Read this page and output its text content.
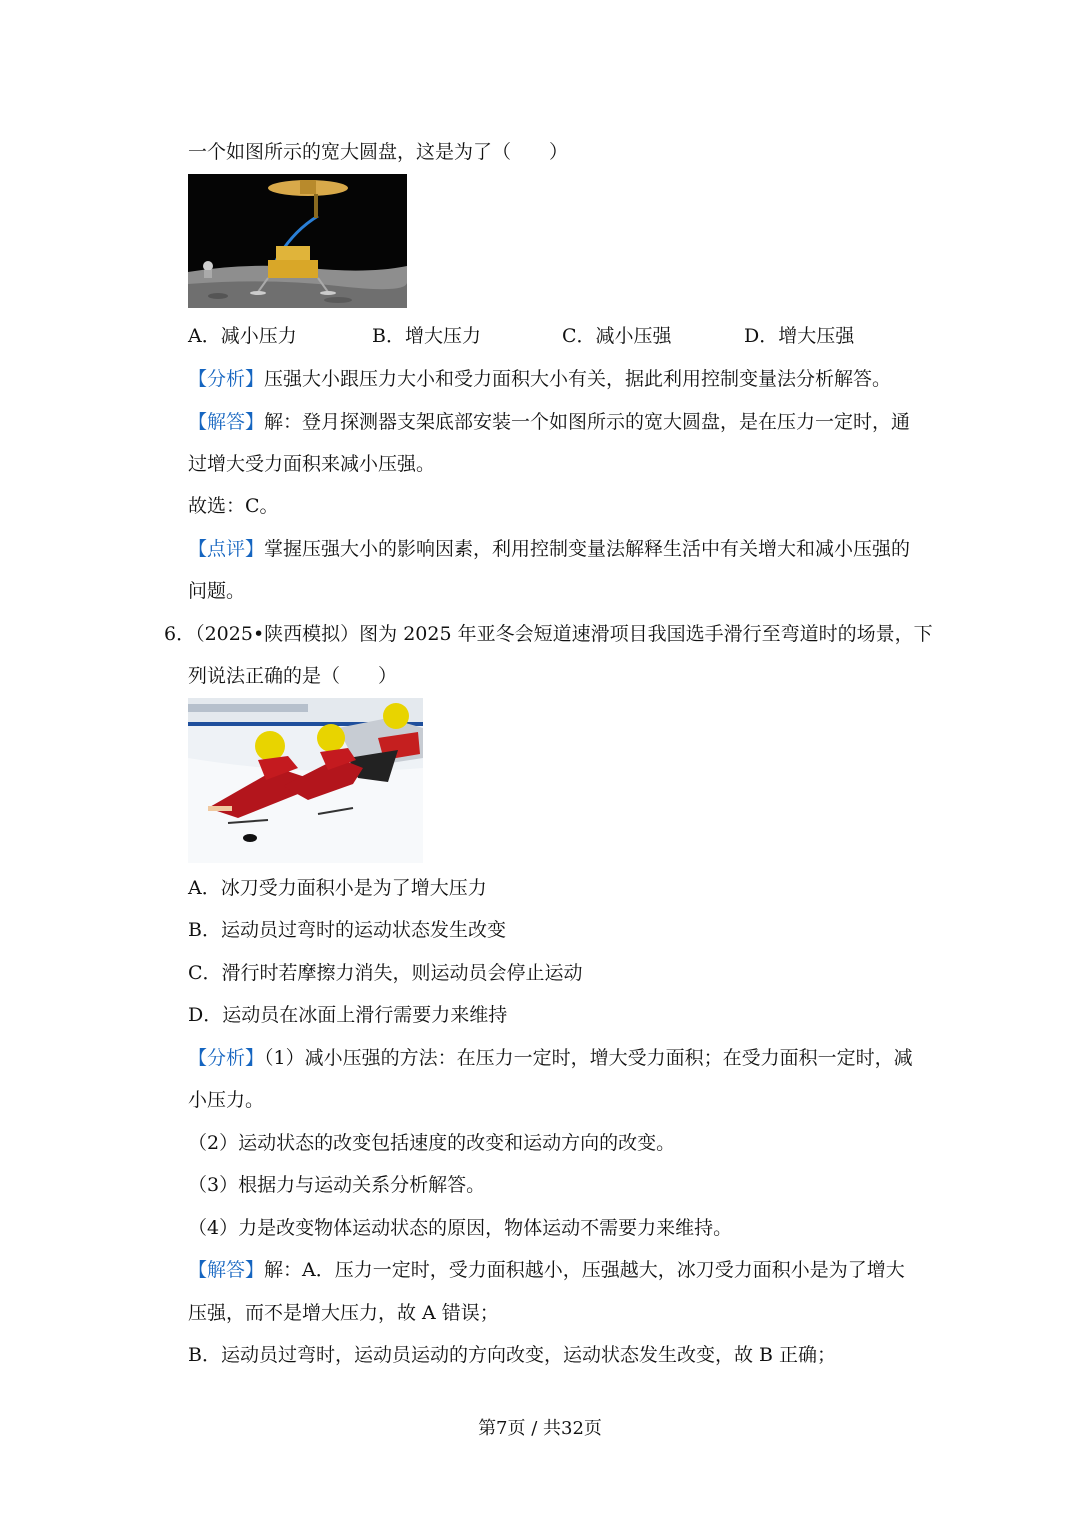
一个如图所示的宽大圆盘，这是为了（　　）
A．减小压力	B．增大压力	C．减小压强	D．增大压强
【分析】压强大小跟压力大小和受力面积大小有关，据此利用控制变量法分析解答。
【解答】解：登月探测器支架底部安装一个如图所示的宽大圆盘，是在压力一定时，通
过增大受力面积来减小压强。
故选：C。
【点评】掌握压强大小的影响因素，利用控制变量法解释生活中有关增大和减小压强的
问题。
6．（2025•陕西模拟）图为 2025 年亚冬会短道速滑项目我国选手滑行至弯道时的场景，下
列说法正确的是（　　）
A．冰刀受力面积小是为了增大压力
B．运动员过弯时的运动状态发生改变
C．滑行时若摩擦力消失，则运动员会停止运动
D．运动员在冰面上滑行需要力来维持
【分析】（1）减小压强的方法：在压力一定时，增大受力面积；在受力面积一定时，减
小压力。
（2）运动状态的改变包括速度的改变和运动方向的改变。
（3）根据力与运动关系分析解答。
（4）力是改变物体运动状态的原因，物体运动不需要力来维持。
【解答】解：A．压力一定时，受力面积越小，压强越大，冰刀受力面积小是为了增大
压强，而不是增大压力，故 A 错误；
B．运动员过弯时，运动员运动的方向改变，运动状态发生改变，故 B 正确；
第7页 / 共32页
